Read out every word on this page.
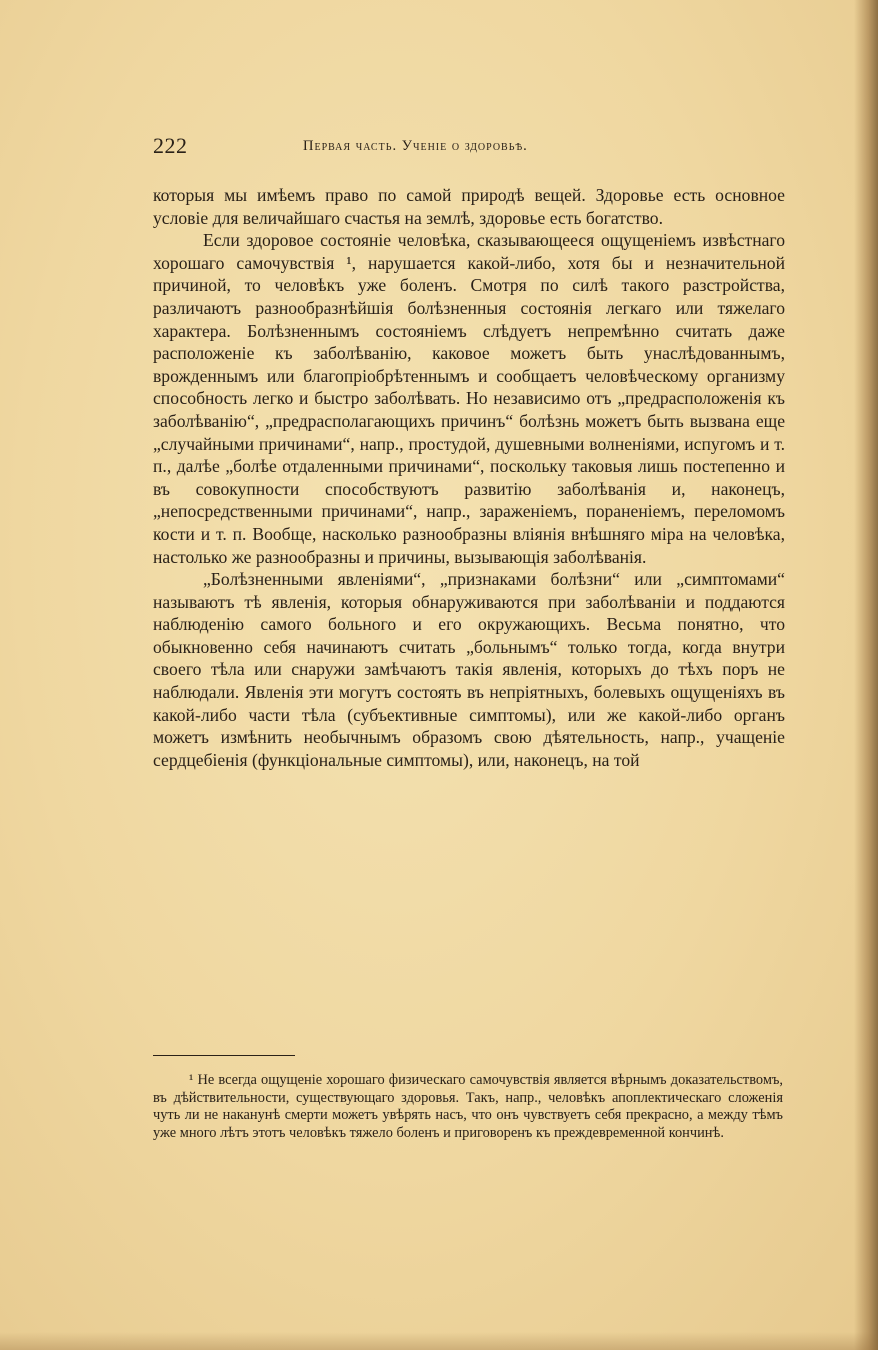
222	Первая часть. Ученіе о здоровьѣ.

которыя мы имѣемъ право по самой природѣ вещей. Здоровье есть основное условіе для величайшаго счастья на землѣ, здоровье есть богатство.

Если здоровое состояніе человѣка, сказывающееся ощущеніемъ извѣстнаго хорошаго самочувствія ¹, нарушается какой-либо, хотя бы и незначительной причиной, то человѣкъ уже боленъ. Смотря по силѣ такого разстройства, различаютъ разнообразнѣйшія болѣзненныя состоянія легкаго или тяжелаго характера. Болѣзненнымъ состояніемъ слѣдуетъ непремѣнно считать даже расположеніе къ заболѣванію, каковое можетъ быть унаслѣдованнымъ, врожденнымъ или благопріобрѣтеннымъ и сообщаетъ человѣческому организму способность легко и быстро заболѣвать. Но независимо отъ „предрасположенія къ заболѣванію“, „предрасполагающихъ причинъ“ болѣзнь можетъ быть вызвана еще „случайными причинами“, напр., простудой, душевными волненіями, испугомъ и т. п., далѣе „болѣе отдаленными причинами“, поскольку таковыя лишь постепенно и въ совокупности способствуютъ развитію заболѣванія и, наконецъ, „непосредственными причинами“, напр., зараженіемъ, пораненіемъ, переломомъ кости и т. п. Вообще, насколько разнообразны вліянія внѣшняго міра на человѣка, настолько же разнообразны и причины, вызывающія заболѣванія.

„Болѣзненными явленіями“, „признаками болѣзни“ или „симптомами“ называютъ тѣ явленія, которыя обнаруживаются при заболѣваніи и поддаются наблюденію самого больного и его окружающихъ. Весьма понятно, что обыкновенно себя начинаютъ считать „больнымъ“ только тогда, когда внутри своего тѣла или снаружи замѣчаютъ такія явленія, которыхъ до тѣхъ поръ не наблюдали. Явленія эти могутъ состоять въ непріятныхъ, болевыхъ ощущеніяхъ въ какой-либо части тѣла (субъективные симптомы), или же какой-либо органъ можетъ измѣнить необычнымъ образомъ свою дѣятельность, напр., учащеніе сердцебіенія (функціональные симптомы), или, наконецъ, на той

¹ Не всегда ощущеніе хорошаго физическаго самочувствія является вѣрнымъ доказательствомъ, въ дѣйствительности, существующаго здоровья. Такъ, напр., человѣкъ апоплектическаго сложенія чуть ли не наканунѣ смерти можетъ увѣрять насъ, что онъ чувствуетъ себя прекрасно, а между тѣмъ уже много лѣтъ этотъ человѣкъ тяжело боленъ и приговоренъ къ преждевременной кончинѣ.
